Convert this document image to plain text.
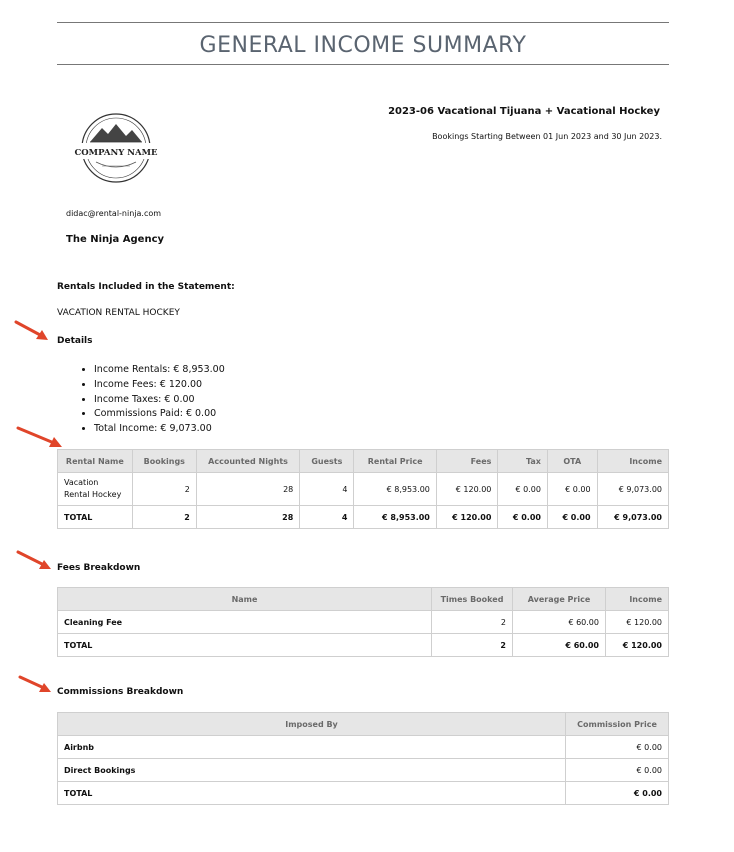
GENERAL INCOME SUMMARY
2023-06 Vacational Tijuana + Vacational Hockey
Bookings Starting Between 01 Jun 2023 and 30 Jun 2023.
COMPANY NAME
didac@rental-ninja.com
The Ninja Agency
Rentals Included in the Statement:
VACATION RENTAL HOCKEY
Details
• Income Rentals: € 8,953.00
• Income Fees: € 120.00
• Income Taxes: € 0.00
• Commissions Paid: € 0.00
• Total Income: € 9,073.00
Rental Name	Bookings	Accounted Nights	Guests	Rental Price	Fees	Tax	OTA	Income
Vacation
Rental Hockey	2	28	4	€ 8,953.00	€ 120.00	€ 0.00	€ 0.00	€ 9,073.00
TOTAL	2	28	4	€ 8,953.00	€ 120.00	€ 0.00	€ 0.00	€ 9,073.00
Fees Breakdown
Name	Times Booked	Average Price	Income
Cleaning Fee	2	€ 60.00	€ 120.00
TOTAL	2	€ 60.00	€ 120.00
Commissions Breakdown
Imposed By	Commission Price
Airbnb	€ 0.00
Direct Bookings	€ 0.00
TOTAL	€ 0.00
